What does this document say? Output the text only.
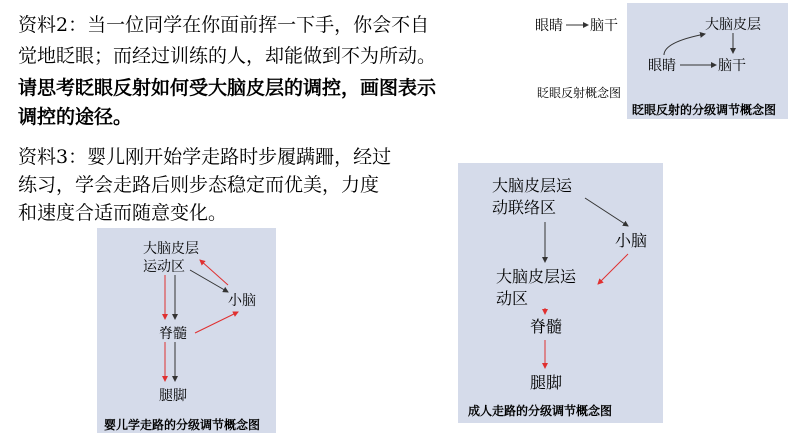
资料2：当一位同学在你面前挥一下手，你会不自
觉地眨眼；而经过训练的人，却能做到不为所动。
请思考眨眼反射如何受大脑皮层的调控，画图表示
调控的途径。
眼睛 脑干
眨眼反射概念图
大脑皮层
眼睛	脑干
眨眼反射的分级调节概念图
资料3：婴儿刚开始学走路时步履蹒跚，经过
练习，学会走路后则步态稳定而优美，力度
和速度合适而随意变化。
大脑皮层
运动区
小脑
脊髓
腿脚
婴儿学走路的分级调节概念图
大脑皮层运
动联络区
小脑
大脑皮层运
动区
脊髓
腿脚
成人走路的分级调节概念图
